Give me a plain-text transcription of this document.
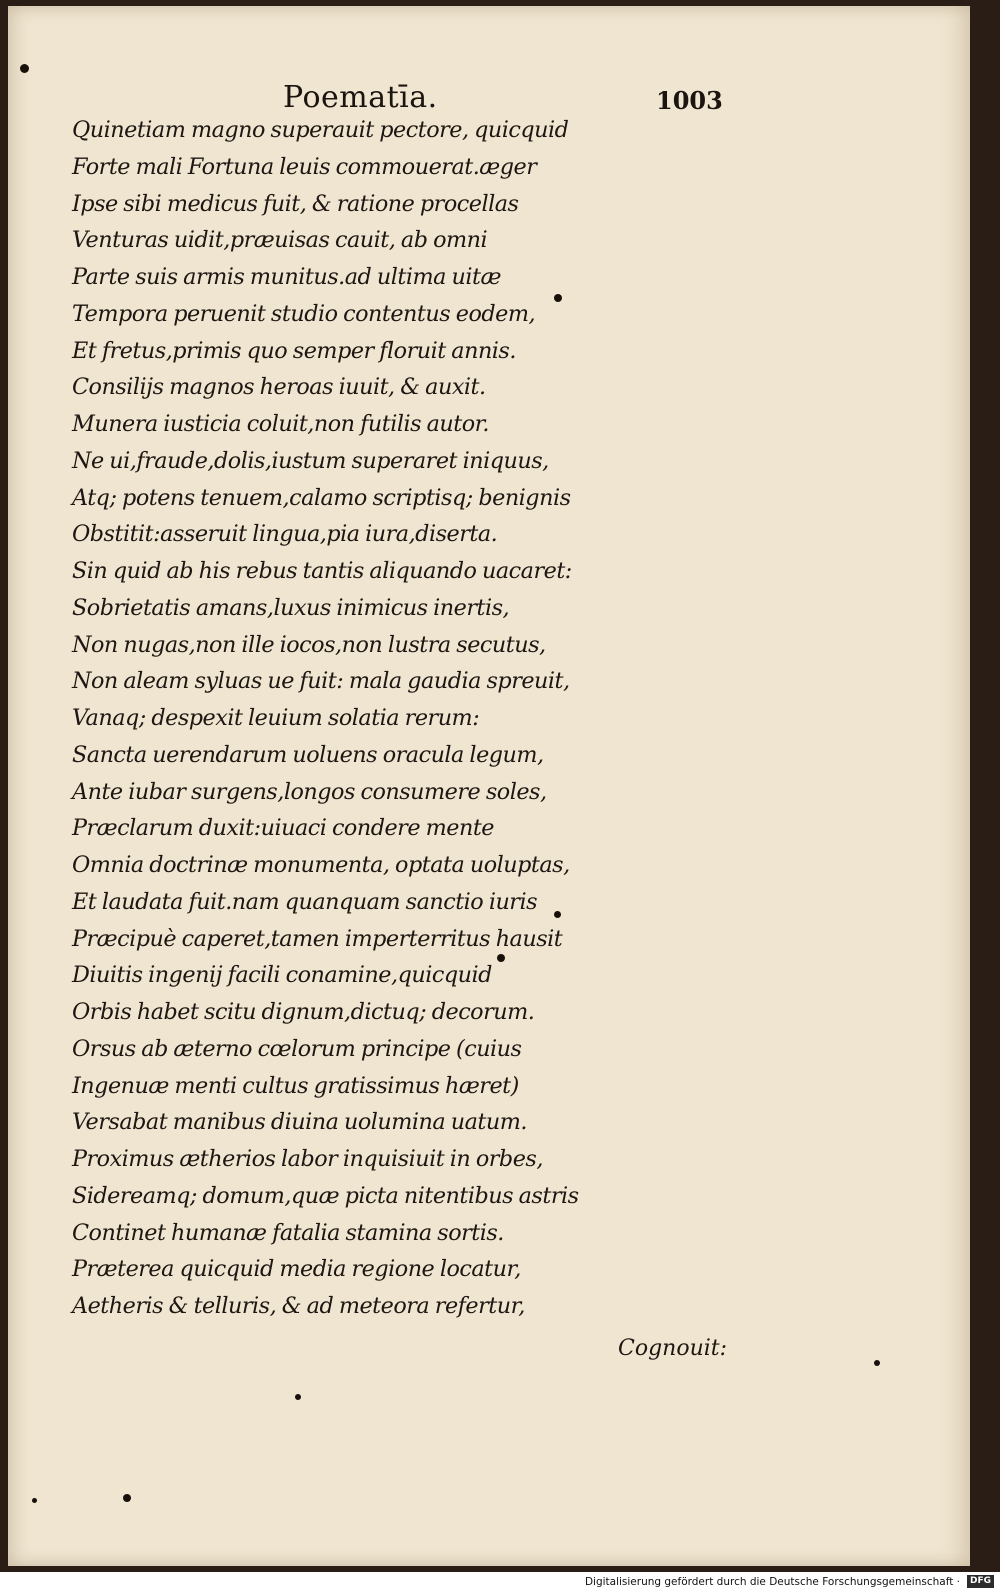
Poematīa.	1003
Quinetiam magno superauit pectore, quicquid
Forte mali Fortuna leuis commouerat.æger
Ipse sibi medicus fuit, & ratione procellas
Venturas uidit,præuisas cauit, ab omni
Parte suis armis munitus.ad ultima uitæ
Tempora peruenit studio contentus eodem,
Et fretus,primis quo semper floruit annis.
Consilijs magnos heroas iuuit, & auxit.
Munera iusticia coluit,non futilis autor.
Ne ui,fraude,dolis,iustum superaret iniquus,
Atq; potens tenuem,calamo scriptisq; benignis
Obstitit:asseruit lingua,pia iura,diserta.
Sin quid ab his rebus tantis aliquando uacaret:
Sobrietatis amans,luxus inimicus inertis,
Non nugas,non ille iocos,non lustra secutus,
Non aleam syluas ue fuit: mala gaudia spreuit,
Vanaq; despexit leuium solatia rerum:
Sancta uerendarum uoluens oracula legum,
Ante iubar surgens,longos consumere soles,
Præclarum duxit:uiuaci condere mente
Omnia doctrinæ monumenta, optata uoluptas,
Et laudata fuit.nam quanquam sanctio iuris
Præcipuè caperet,tamen imperterritus hausit
Diuitis ingenij facili conamine,quicquid
Orbis habet scitu dignum,dictuq; decorum.
Orsus ab æterno cœlorum principe (cuius
Ingenuæ menti cultus gratissimus hæret)
Versabat manibus diuina uolumina uatum.
Proximus ætherios labor inquisiuit in orbes,
Sidereamq; domum,quæ picta nitentibus astris
Continet humanæ fatalia stamina sortis.
Præterea quicquid media regione locatur,
Aetheris & telluris, & ad meteora refertur,
Cognouit:
Digitalisierung gefördert durch die Deutsche Forschungsgemeinschaft ·	DFG
